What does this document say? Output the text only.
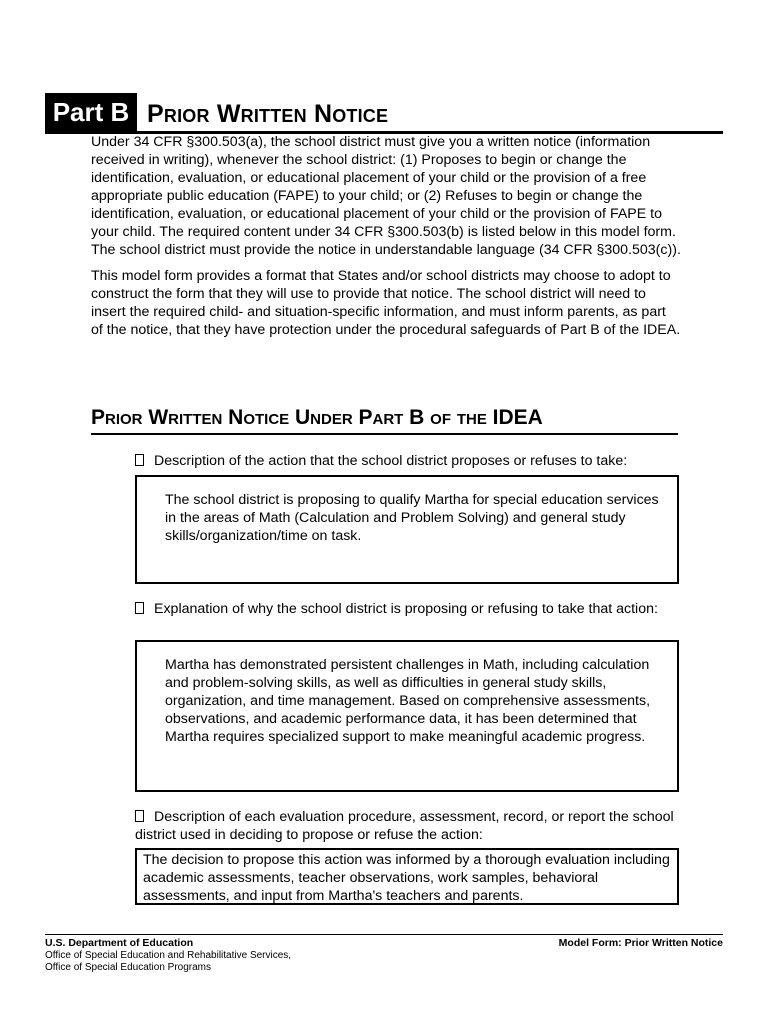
Part B Prior Written Notice

Under 34 CFR §300.503(a), the school district must give you a written notice (information received in writing), whenever the school district: (1) Proposes to begin or change the identification, evaluation, or educational placement of your child or the provision of a free appropriate public education (FAPE) to your child; or (2) Refuses to begin or change the identification, evaluation, or educational placement of your child or the provision of FAPE to your child. The required content under 34 CFR §300.503(b) is listed below in this model form. The school district must provide the notice in understandable language (34 CFR §300.503(c)).

This model form provides a format that States and/or school districts may choose to adopt to construct the form that they will use to provide that notice. The school district will need to insert the required child- and situation-specific information, and must inform parents, as part of the notice, that they have protection under the procedural safeguards of Part B of the IDEA.

Prior Written Notice Under Part B of the IDEA
Description of the action that the school district proposes or refuses to take:
The school district is proposing to qualify Martha for special education services in the areas of Math (Calculation and Problem Solving) and general study skills/organization/time on task.
Explanation of why the school district is proposing or refusing to take that action:
Martha has demonstrated persistent challenges in Math, including calculation and problem-solving skills, as well as difficulties in general study skills, organization, and time management. Based on comprehensive assessments, observations, and academic performance data, it has been determined that Martha requires specialized support to make meaningful academic progress.
Description of each evaluation procedure, assessment, record, or report the school district used in deciding to propose or refuse the action:
The decision to propose this action was informed by a thorough evaluation including academic assessments, teacher observations, work samples, behavioral assessments, and input from Martha's teachers and parents.
U.S. Department of Education
Office of Special Education and Rehabilitative Services,
Office of Special Education Programs
Model Form: Prior Written Notice
